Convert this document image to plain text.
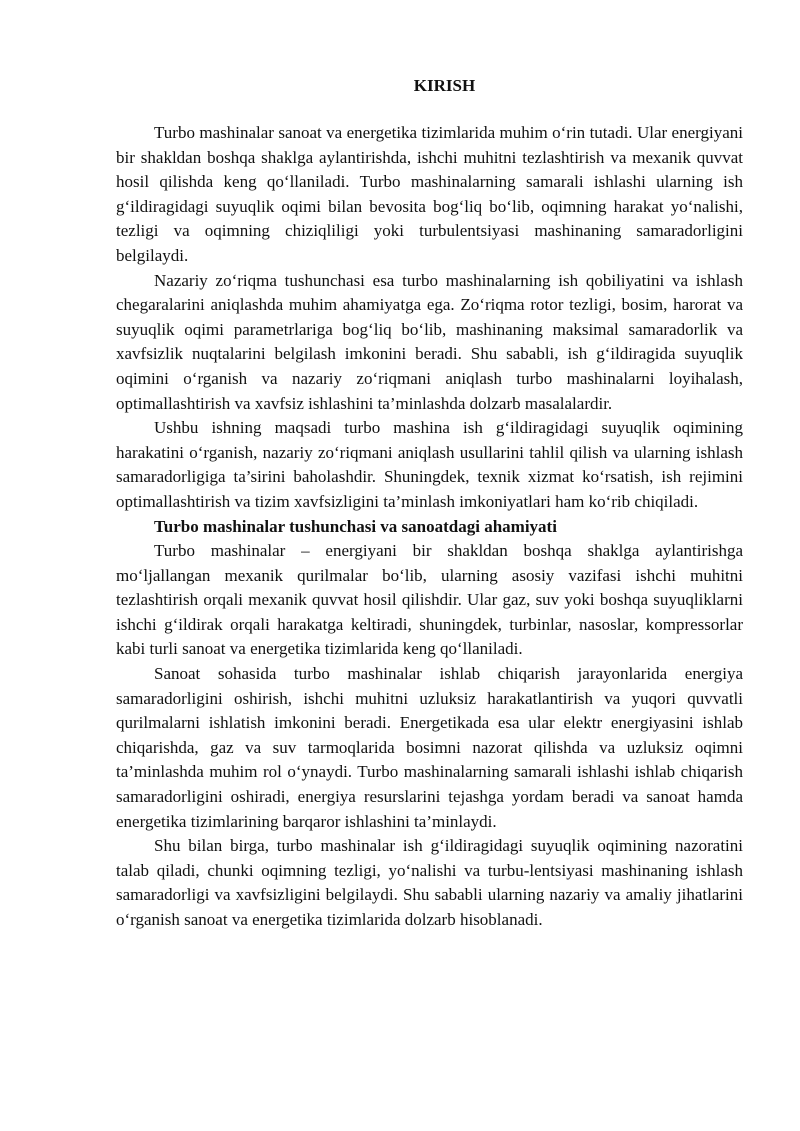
KIRISH

Turbo mashinalar sanoat va energetika tizimlarida muhim o‘rin tutadi. Ular energiyani bir shakldan boshqa shaklga aylantirishda, ishchi muhitni tezlashtirish va mexanik quvvat hosil qilishda keng qo‘llaniladi. Turbo mashinalarning samarali ishlashi ularning ish g‘ildiragidagi suyuqlik oqimi bilan bevosita bog‘liq bo‘lib, oqimning harakat yo‘nalishi, tezligi va oqimning chiziqliligi yoki turbulentsiyasi mashinaning samaradorligini belgilaydi.

Nazariy zo‘riqma tushunchasi esa turbo mashinalarning ish qobiliyatini va ishlash chegaralarini aniqlashda muhim ahamiyatga ega. Zo‘riqma rotor tezligi, bosim, harorat va suyuqlik oqimi parametrlariga bog‘liq bo‘lib, mashinaning maksimal samaradorlik va xavfsizlik nuqtalarini belgilash imkonini beradi. Shu sababli, ish g‘ildiragida suyuqlik oqimini o‘rganish va nazariy zo‘riqmani aniqlash turbo mashinalarni loyihalash, optimallashtirish va xavfsiz ishlashini ta’minlashda dolzarb masalalardir.

Ushbu ishning maqsadi turbo mashina ish g‘ildiragidagi suyuqlik oqimining harakatini o‘rganish, nazariy zo‘riqmani aniqlash usullarini tahlil qilish va ularning ishlash samaradorligiga ta’sirini baholashdir. Shuningdek, texnik xizmat ko‘rsatish, ish rejimini optimallashtirish va tizim xavfsizligini ta’minlash imkoniyatlari ham ko‘rib chiqiladi.

Turbo mashinalar tushunchasi va sanoatdagi ahamiyati

Turbo mashinalar – energiyani bir shakldan boshqa shaklga aylantirishga mo‘ljallangan mexanik qurilmalar bo‘lib, ularning asosiy vazifasi ishchi muhitni tezlashtirish orqali mexanik quvvat hosil qilishdir. Ular gaz, suv yoki boshqa suyuqliklarni ishchi g‘ildirak orqali harakatga keltiradi, shuningdek, turbinlar, nasoslar, kompressorlar kabi turli sanoat va energetika tizimlarida keng qo‘llaniladi.

Sanoat sohasida turbo mashinalar ishlab chiqarish jarayonlarida energiya samaradorligini oshirish, ishchi muhitni uzluksiz harakatlantirish va yuqori quvvatli qurilmalarni ishlatish imkonini beradi. Energetikada esa ular elektr energiyasini ishlab chiqarishda, gaz va suv tarmoqlarida bosimni nazorat qilishda va uzluksiz oqimni ta’minlashda muhim rol o‘ynaydi. Turbo mashinalarning samarali ishlashi ishlab chiqarish samaradorligini oshiradi, energiya resurslarini tejashga yordam beradi va sanoat hamda energetika tizimlarining barqaror ishlashini ta’minlaydi.

Shu bilan birga, turbo mashinalar ish g‘ildiragidagi suyuqlik oqimining nazoratini talab qiladi, chunki oqimning tezligi, yo‘nalishi va turbu-lentsiyasi mashinaning ishlash samaradorligi va xavfsizligini belgilaydi. Shu sababli ularning nazariy va amaliy jihatlarini o‘rganish sanoat va energetika tizimlarida dolzarb hisoblanadi.
